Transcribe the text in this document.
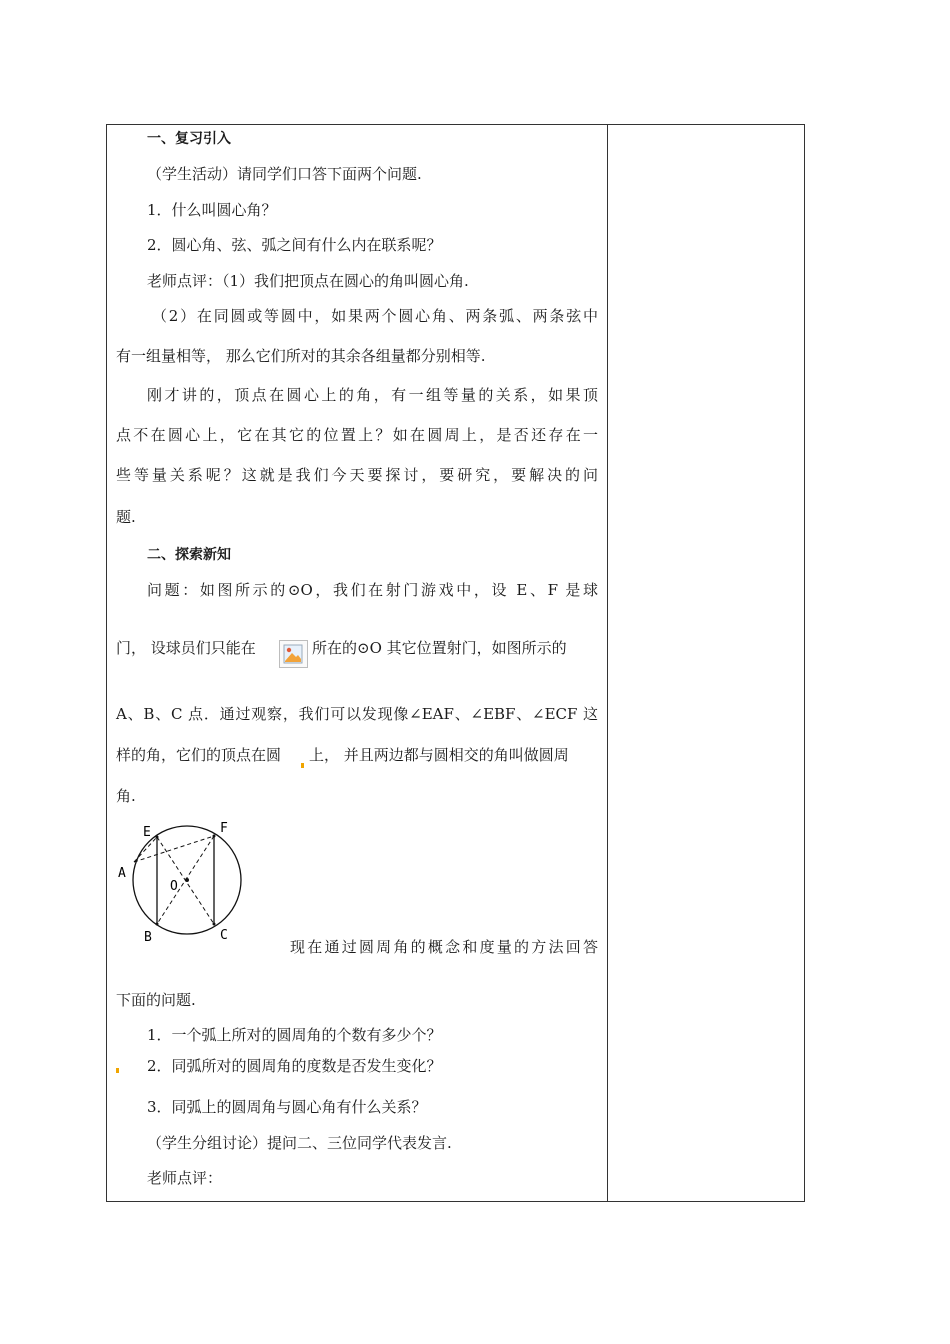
一、复习引入
（学生活动）请同学们口答下面两个问题.
1．什么叫圆心角？
2．圆心角、弦、弧之间有什么内在联系呢？
老师点评：（1）我们把顶点在圆心的角叫圆心角.
（2）在同圆或等圆中，如果两个圆心角、两条弧、两条弦中
有一组量相等， 那么它们所对的其余各组量都分别相等.
刚才讲的，顶点在圆心上的角，有一组等量的关系，如果顶
点不在圆心上，它在其它的位置上？如在圆周上，是否还存在一
些等量关系呢？这就是我们今天要探讨，要研究，要解决的问
题.
二、探索新知
问题：如图所示的⊙O，我们在射门游戏中，设 E、F 是球
门， 设球员们只能在	所在的⊙O 其它位置射门，如图所示的
A、B、C 点．通过观察，我们可以发现像∠EAF、∠EBF、∠ECF 这
样的角，它们的顶点在圆 上， 并且两边都与圆相交的角叫做圆周
角.
E	F
A
O
B	C
现在通过圆周角的概念和度量的方法回答
下面的问题.
1．一个弧上所对的圆周角的个数有多少个？
2．同弧所对的圆周角的度数是否发生变化？
3．同弧上的圆周角与圆心角有什么关系？
（学生分组讨论）提问二、三位同学代表发言.
老师点评：
